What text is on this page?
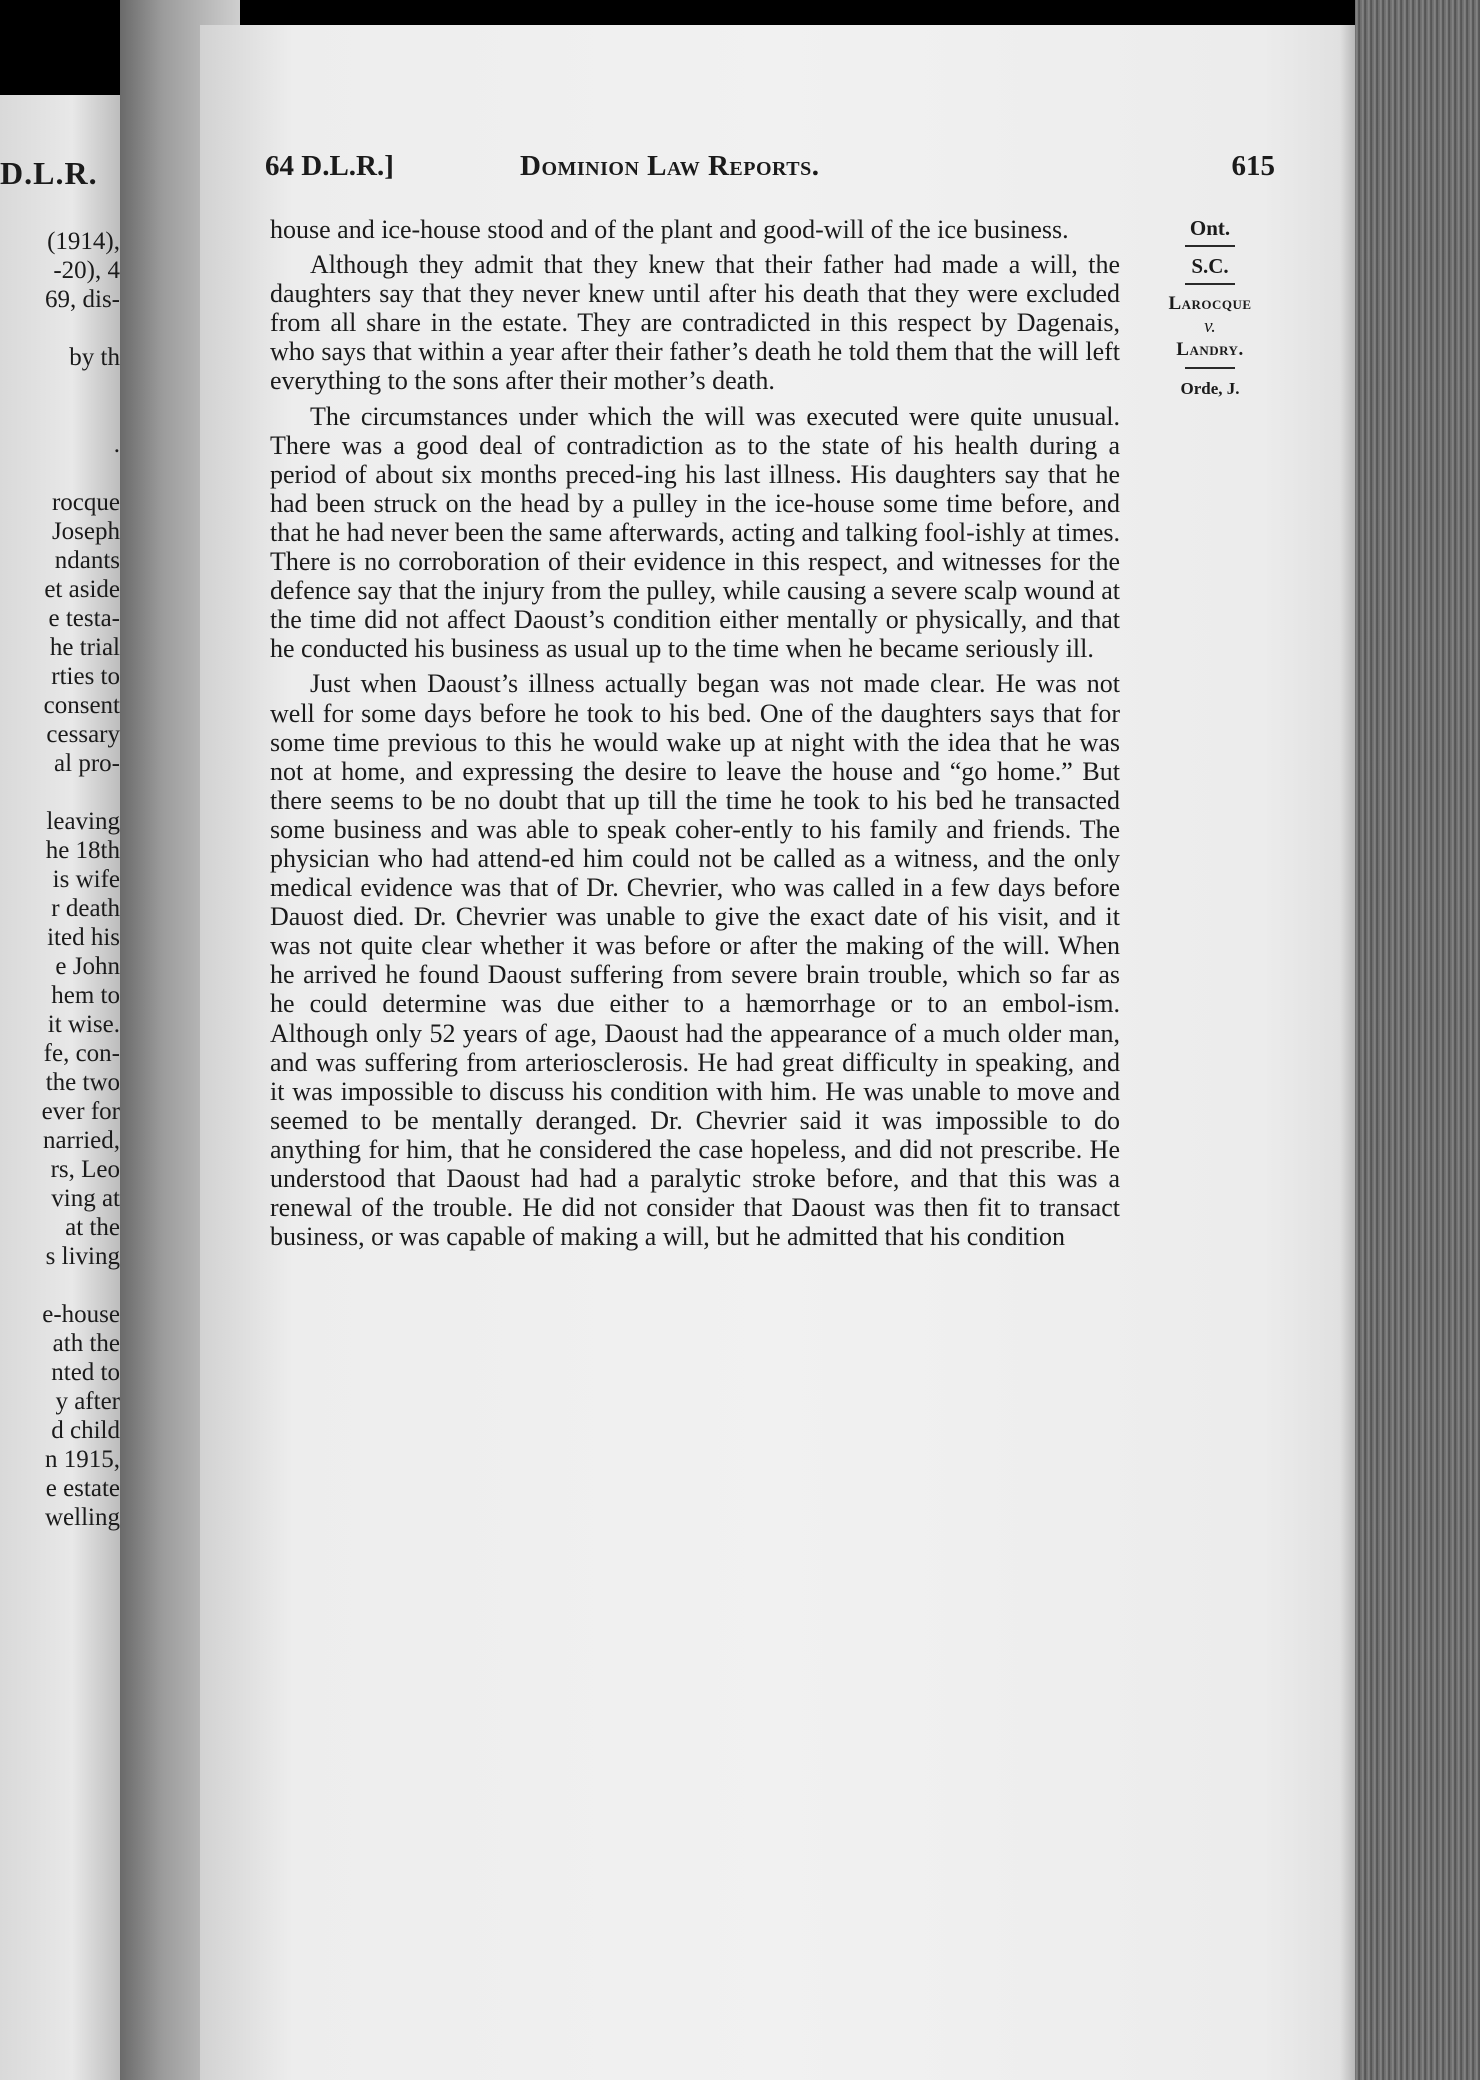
D.L.R.
(1914),
-20), 4
69, dis-
by th
.
rocque
Joseph
ndants
et aside
e testa-
he trial
rties to
consent
cessary
al pro-
leaving
he 18th
is wife
r death
ited his
e John
hem to
it wise.
fe, con-
the two
ever for
narried,
rs, Leo
ving at
at the
s living
e-house
ath the
nted to
y after
d child
n 1915,
e estate
welling
64 D.L.R.]	Dominion Law Reports.	615

house and ice-house stood and of the plant and good-will of the ice business.

Although they admit that they knew that their father had made a will, the daughters say that they never knew until after his death that they were excluded from all share in the estate. They are contradicted in this respect by Dagenais, who says that within a year after their father’s death he told them that the will left everything to the sons after their mother’s death.

The circumstances under which the will was executed were quite unusual. There was a good deal of contradiction as to the state of his health during a period of about six months preced-ing his last illness. His daughters say that he had been struck on the head by a pulley in the ice-house some time before, and that he had never been the same afterwards, acting and talking fool-ishly at times. There is no corroboration of their evidence in this respect, and witnesses for the defence say that the injury from the pulley, while causing a severe scalp wound at the time did not affect Daoust’s condition either mentally or physically, and that he conducted his business as usual up to the time when he became seriously ill.

Just when Daoust’s illness actually began was not made clear. He was not well for some days before he took to his bed. One of the daughters says that for some time previous to this he would wake up at night with the idea that he was not at home, and expressing the desire to leave the house and “go home.” But there seems to be no doubt that up till the time he took to his bed he transacted some business and was able to speak coher-ently to his family and friends. The physician who had attend-ed him could not be called as a witness, and the only medical evidence was that of Dr. Chevrier, who was called in a few days before Dauost died. Dr. Chevrier was unable to give the exact date of his visit, and it was not quite clear whether it was before or after the making of the will. When he arrived he found Daoust suffering from severe brain trouble, which so far as he could determine was due either to a hæmorrhage or to an embol-ism. Although only 52 years of age, Daoust had the appearance of a much older man, and was suffering from arteriosclerosis. He had great difficulty in speaking, and it was impossible to discuss his condition with him. He was unable to move and seemed to be mentally deranged. Dr. Chevrier said it was impossible to do anything for him, that he considered the case hopeless, and did not prescribe. He understood that Daoust had had a paralytic stroke before, and that this was a renewal of the trouble. He did not consider that Daoust was then fit to transact business, or was capable of making a will, but he admitted that his condition

Ont.
S.C.
Larocque
v.
Landry.
Orde, J.
